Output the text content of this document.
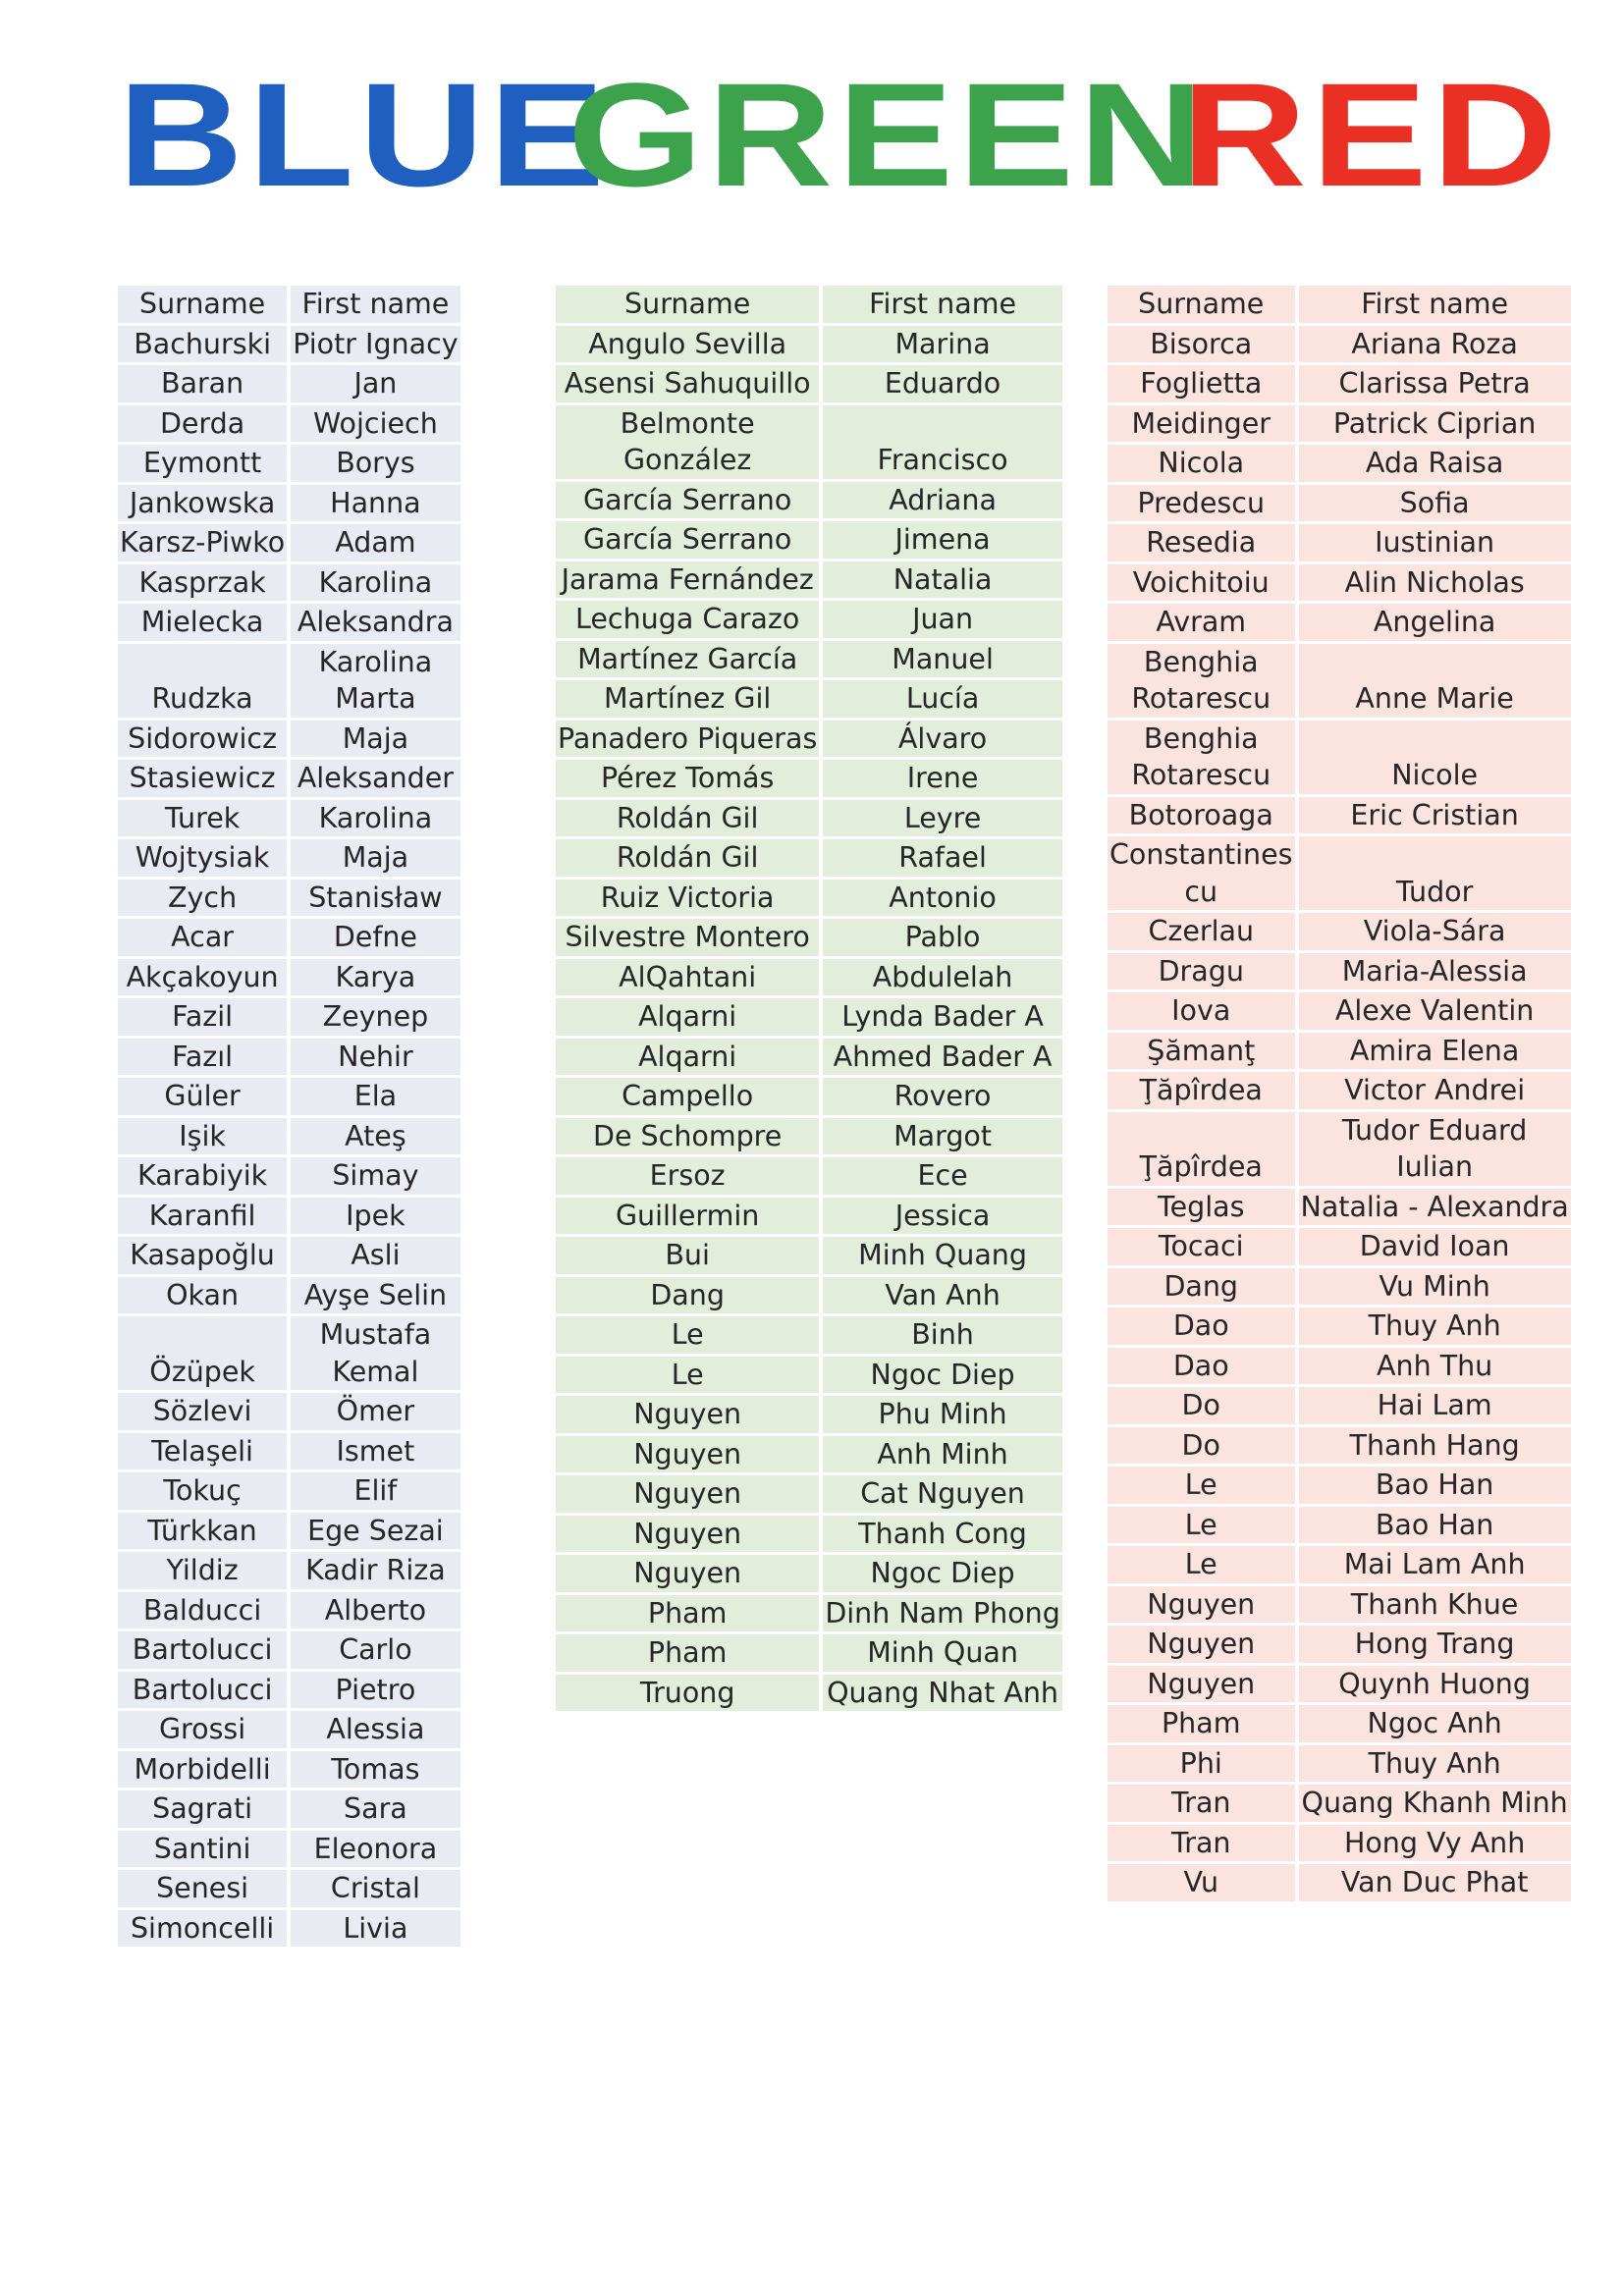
BLUE
GREEN
RED
Surname	First name
Bachurski	Piotr Ignacy
Baran	Jan
Derda	Wojciech
Eymontt	Borys
Jankowska	Hanna
Karsz-Piwko	Adam
Kasprzak	Karolina
Mielecka	Aleksandra
Rudzka	Karolina
Marta
Sidorowicz	Maja
Stasiewicz	Aleksander
Turek	Karolina
Wojtysiak	Maja
Zych	Stanisław
Acar	Defne
Akçakoyun	Karya
Fazil	Zeynep
Fazıl	Nehir
Güler	Ela
Işik	Ateş
Karabiyik	Simay
Karanfil	Ipek
Kasapoğlu	Asli
Okan	Ayşe Selin
Özüpek	Mustafa
Kemal
Sözlevi	Ömer
Telaşeli	Ismet
Tokuç	Elif
Türkkan	Ege Sezai
Yildiz	Kadir Riza
Balducci	Alberto
Bartolucci	Carlo
Bartolucci	Pietro
Grossi	Alessia
Morbidelli	Tomas
Sagrati	Sara
Santini	Eleonora
Senesi	Cristal
Simoncelli	Livia
Surname	First name
Angulo Sevilla	Marina
Asensi Sahuquillo	Eduardo
Belmonte
González	Francisco
García Serrano	Adriana
García Serrano	Jimena
Jarama Fernández	Natalia
Lechuga Carazo	Juan
Martínez García	Manuel
Martínez Gil	Lucía
Panadero Piqueras	Álvaro
Pérez Tomás	Irene
Roldán Gil	Leyre
Roldán Gil	Rafael
Ruiz Victoria	Antonio
Silvestre Montero	Pablo
AlQahtani	Abdulelah
Alqarni	Lynda Bader A
Alqarni	Ahmed Bader A
Campello	Rovero
De Schompre	Margot
Ersoz	Ece
Guillermin	Jessica
Bui	Minh Quang
Dang	Van Anh
Le	Binh
Le	Ngoc Diep
Nguyen	Phu Minh
Nguyen	Anh Minh
Nguyen	Cat Nguyen
Nguyen	Thanh Cong
Nguyen	Ngoc Diep
Pham	Dinh Nam Phong
Pham	Minh Quan
Truong	Quang Nhat Anh
Surname	First name
Bisorca	Ariana Roza
Foglietta	Clarissa Petra
Meidinger	Patrick Ciprian
Nicola	Ada Raisa
Predescu	Sofia
Resedia	Iustinian
Voichitoiu	Alin Nicholas
Avram	Angelina
Benghia
Rotarescu	Anne Marie
Benghia
Rotarescu	Nicole
Botoroaga	Eric Cristian
Constantines
cu	Tudor
Czerlau	Viola-Sára
Dragu	Maria-Alessia
Iova	Alexe Valentin
Şămanţ	Amira Elena
Ţăpîrdea	Victor Andrei
Ţăpîrdea	Tudor Eduard
Iulian
Teglas	Natalia - Alexandra
Tocaci	David Ioan
Dang	Vu Minh
Dao	Thuy Anh
Dao	Anh Thu
Do	Hai Lam
Do	Thanh Hang
Le	Bao Han
Le	Bao Han
Le	Mai Lam Anh
Nguyen	Thanh Khue
Nguyen	Hong Trang
Nguyen	Quynh Huong
Pham	Ngoc Anh
Phi	Thuy Anh
Tran	Quang Khanh Minh
Tran	Hong Vy Anh
Vu	Van Duc Phat
